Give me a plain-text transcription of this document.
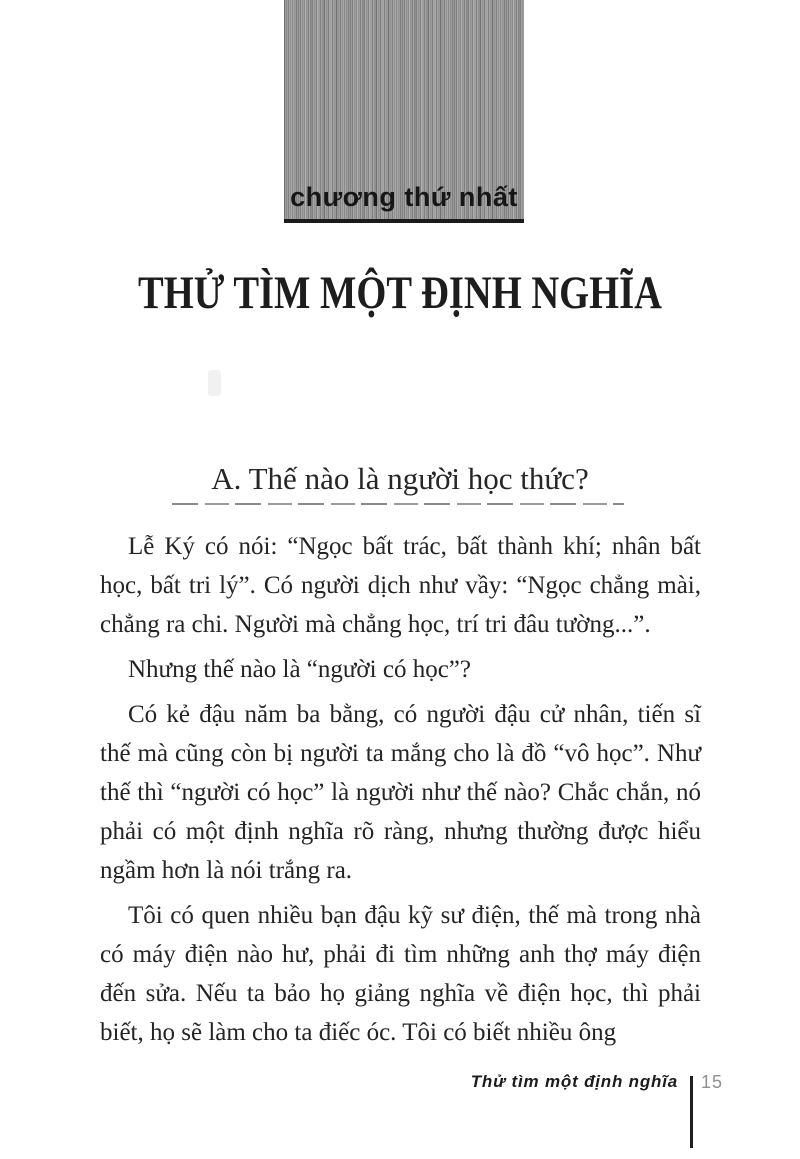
chương thứ nhất
THỬ TÌM MỘT ĐỊNH NGHĨA
A. Thế nào là người học thức?

Lễ Ký có nói: “Ngọc bất trác, bất thành khí; nhân bất học, bất tri lý”. Có người dịch như vầy: “Ngọc chẳng mài, chẳng ra chi. Người mà chẳng học, trí tri đâu tường...”.

Nhưng thế nào là “người có học”?

Có kẻ đậu năm ba bằng, có người đậu cử nhân, tiến sĩ thế mà cũng còn bị người ta mắng cho là đồ “vô học”. Như thế thì “người có học” là người như thế nào? Chắc chắn, nó phải có một định nghĩa rõ ràng, nhưng thường được hiểu ngầm hơn là nói trắng ra.

Tôi có quen nhiều bạn đậu kỹ sư điện, thế mà trong nhà có máy điện nào hư, phải đi tìm những anh thợ máy điện đến sửa. Nếu ta bảo họ giảng nghĩa về điện học, thì phải biết, họ sẽ làm cho ta điếc óc. Tôi có biết nhiều ông

Thử tìm một định nghĩa 15
